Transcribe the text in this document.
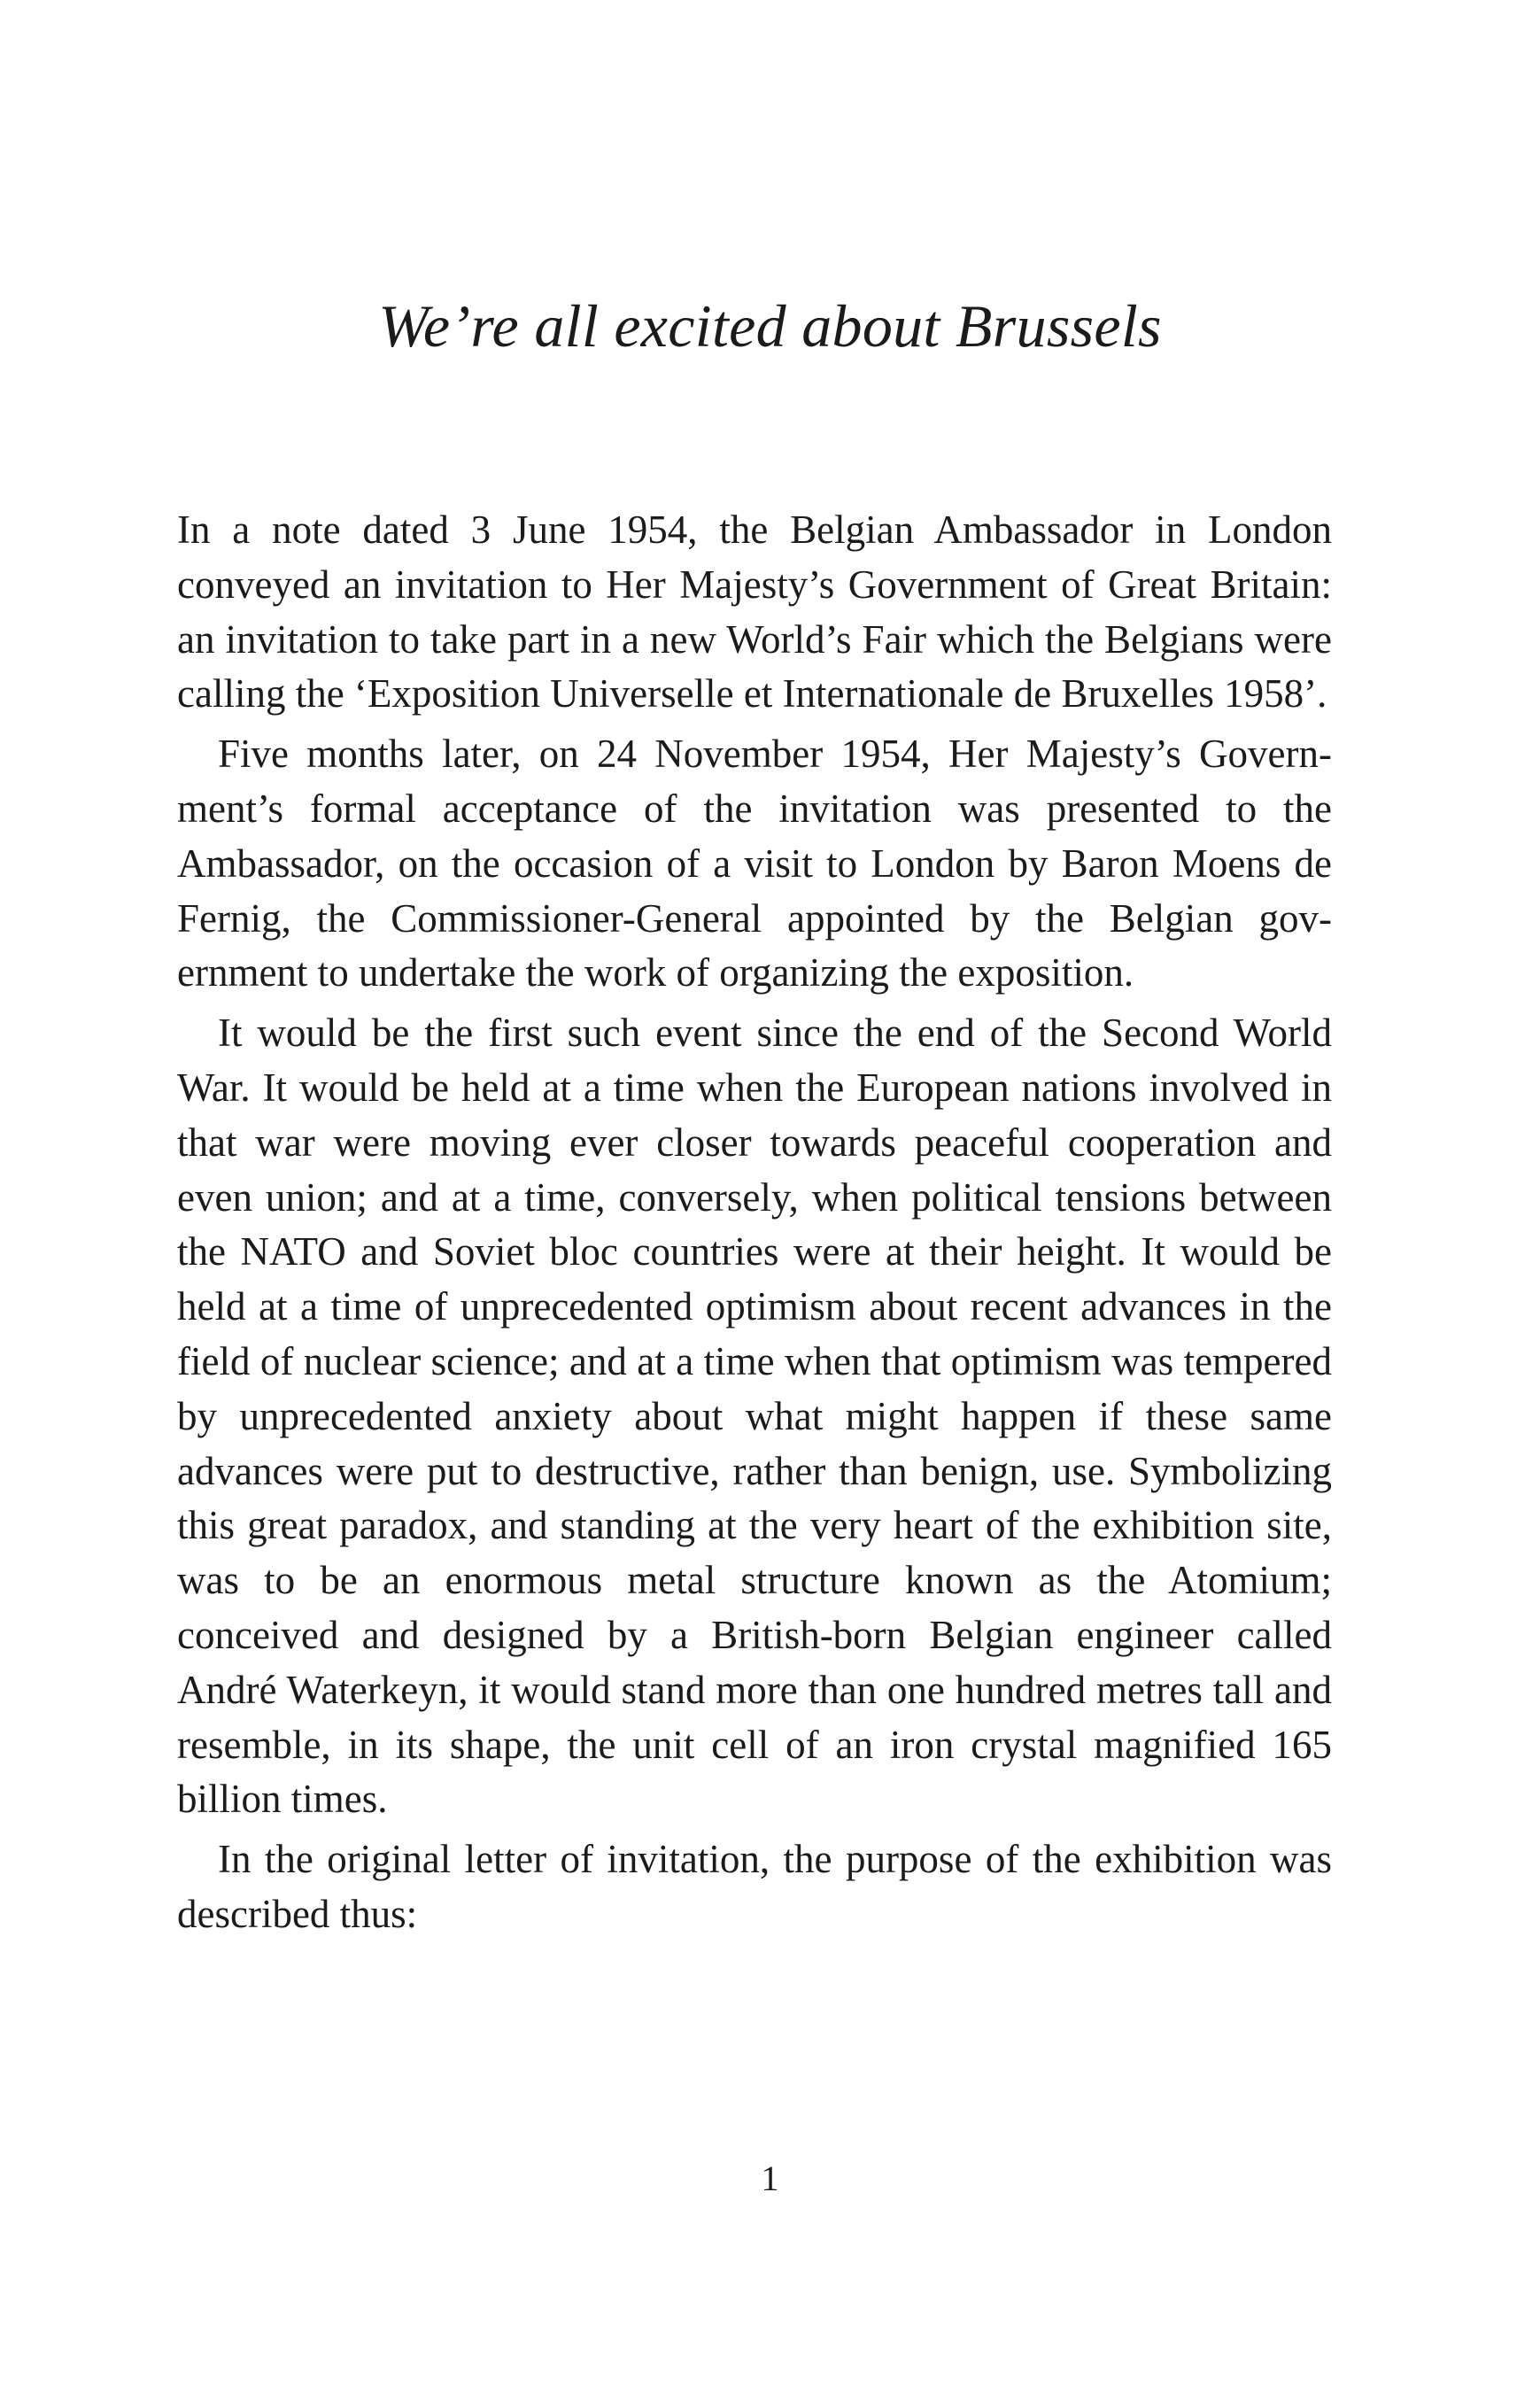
We’re all excited about Brussels

In a note dated 3 June 1954, the Belgian Ambassador in London conveyed an invitation to Her Majesty’s Government of Great Britain: an invitation to take part in a new World’s Fair which the Belgians were calling the ‘Exposition Universelle et Internationale de Bruxelles 1958’.

Five months later, on 24 November 1954, Her Majesty’s Government’s formal acceptance of the invitation was presented to the Ambassador, on the occasion of a visit to London by Baron Moens de Fernig, the Commissioner-General appointed by the Belgian government to undertake the work of organizing the exposition.

It would be the first such event since the end of the Second World War. It would be held at a time when the European nations involved in that war were moving ever closer towards peaceful cooperation and even union; and at a time, conversely, when political tensions between the NATO and Soviet bloc countries were at their height. It would be held at a time of unprecedented optimism about recent advances in the field of nuclear science; and at a time when that optimism was tempered by unprecedented anxiety about what might happen if these same advances were put to destructive, rather than benign, use. Symbolizing this great paradox, and standing at the very heart of the exhibition site, was to be an enormous metal structure known as the Atomium; conceived and designed by a British-born Belgian engineer called André Waterkeyn, it would stand more than one hundred metres tall and resemble, in its shape, the unit cell of an iron crystal magnified 165 billion times.

In the original letter of invitation, the purpose of the exhibition was described thus:

1
